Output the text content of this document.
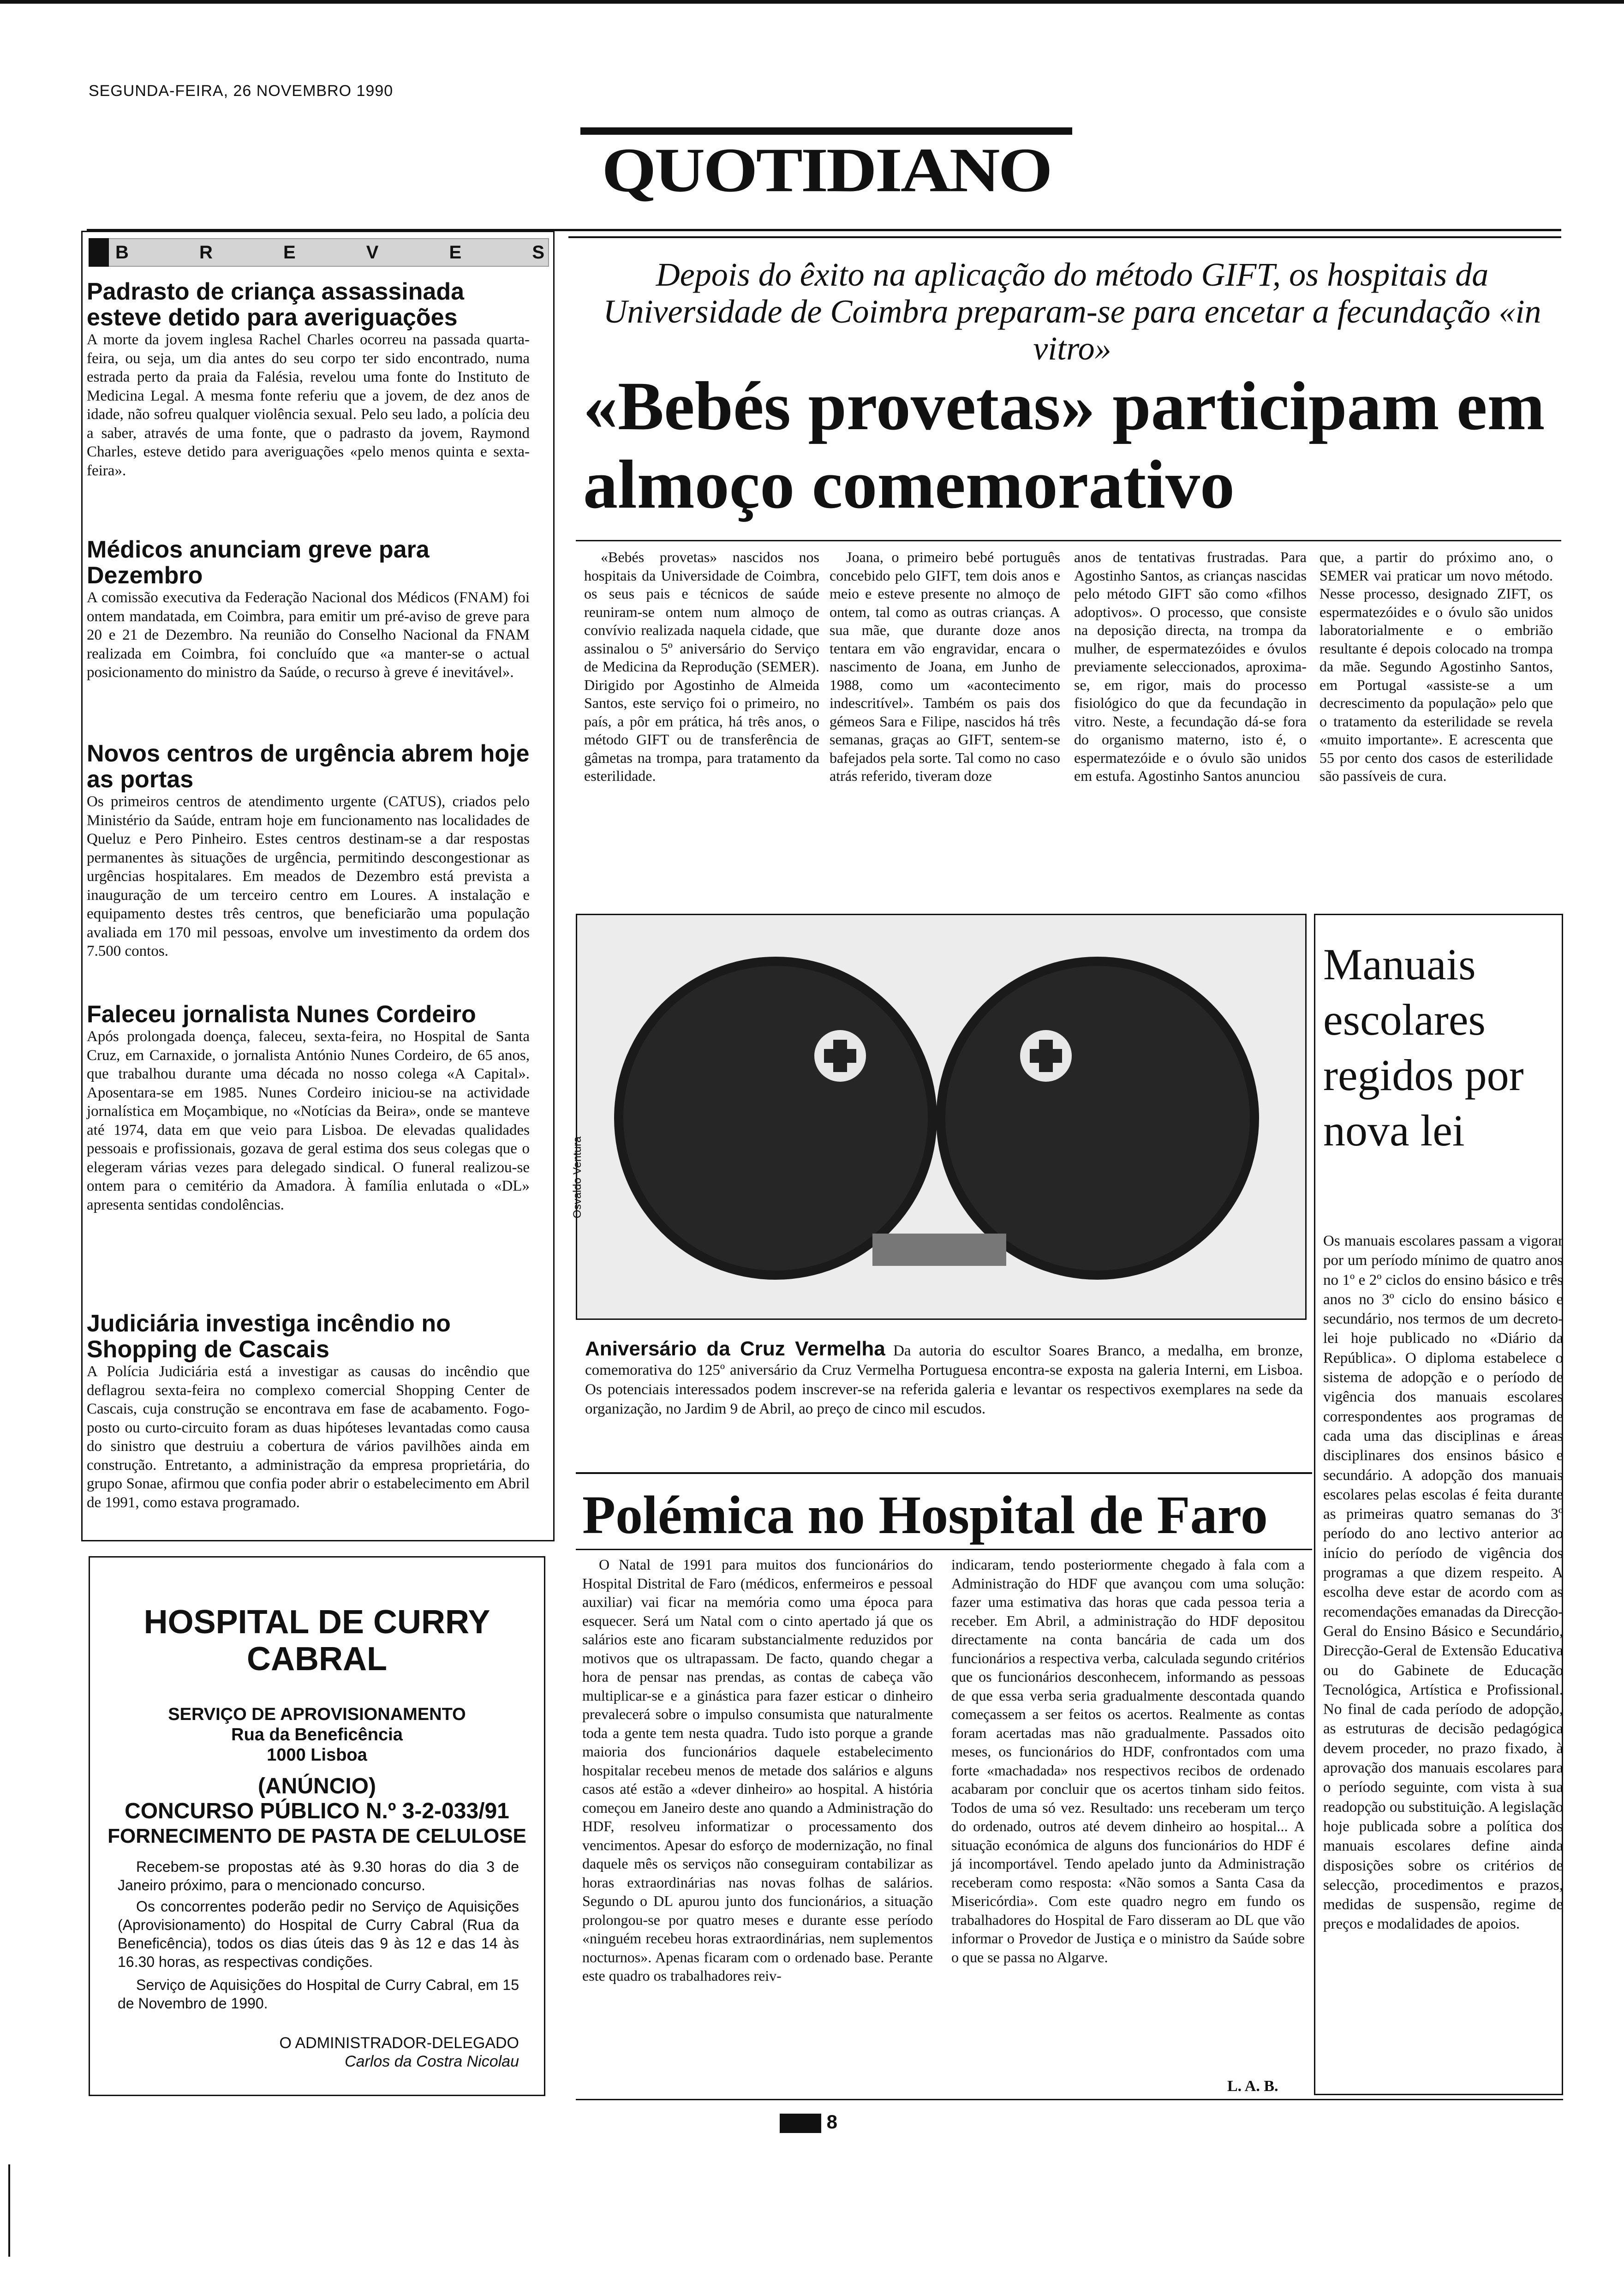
SEGUNDA-FEIRA, 26 NOVEMBRO 1990
QUOTIDIANO
B	R	E	V	E	S
Padrasto de criança assassinada esteve detido para averiguações
A morte da jovem inglesa Rachel Charles ocorreu na passada quarta-feira, ou seja, um dia antes do seu corpo ter sido encontrado, numa estrada perto da praia da Falésia, revelou uma fonte do Instituto de Medicina Legal. A mesma fonte referiu que a jovem, de dez anos de idade, não sofreu qualquer violência sexual. Pelo seu lado, a polícia deu a saber, através de uma fonte, que o padrasto da jovem, Raymond Charles, esteve detido para averiguações «pelo menos quinta e sexta-feira».
Médicos anunciam greve para Dezembro
A comissão executiva da Federação Nacional dos Médicos (FNAM) foi ontem mandatada, em Coimbra, para emitir um pré-aviso de greve para 20 e 21 de Dezembro. Na reunião do Conselho Nacional da FNAM realizada em Coimbra, foi concluído que «a manter-se o actual posicionamento do ministro da Saúde, o recurso à greve é inevitável».
Novos centros de urgência abrem hoje as portas
Os primeiros centros de atendimento urgente (CATUS), criados pelo Ministério da Saúde, entram hoje em funcionamento nas localidades de Queluz e Pero Pinheiro. Estes centros destinam-se a dar respostas permanentes às situações de urgência, permitindo descongestionar as urgências hospitalares. Em meados de Dezembro está prevista a inauguração de um terceiro centro em Loures. A instalação e equipamento destes três centros, que beneficiarão uma população avaliada em 170 mil pessoas, envolve um investimento da ordem dos 7.500 contos.
Faleceu jornalista Nunes Cordeiro
Após prolongada doença, faleceu, sexta-feira, no Hospital de Santa Cruz, em Carnaxide, o jornalista António Nunes Cordeiro, de 65 anos, que trabalhou durante uma década no nosso colega «A Capital». Aposentara-se em 1985. Nunes Cordeiro iniciou-se na actividade jornalística em Moçambique, no «Notícias da Beira», onde se manteve até 1974, data em que veio para Lisboa. De elevadas qualidades pessoais e profissionais, gozava de geral estima dos seus colegas que o elegeram várias vezes para delegado sindical. O funeral realizou-se ontem para o cemitério da Amadora. À família enlutada o «DL» apresenta sentidas condolências.
Judiciária investiga incêndio no Shopping de Cascais
A Polícia Judiciária está a investigar as causas do incêndio que deflagrou sexta-feira no complexo comercial Shopping Center de Cascais, cuja construção se encontrava em fase de acabamento. Fogo-posto ou curto-circuito foram as duas hipóteses levantadas como causa do sinistro que destruiu a cobertura de vários pavilhões ainda em construção. Entretanto, a administração da empresa proprietária, do grupo Sonae, afirmou que confia poder abrir o estabelecimento em Abril de 1991, como estava programado.
HOSPITAL DE CURRY
CABRAL
SERVIÇO DE APROVISIONAMENTO
Rua da Beneficência
1000 Lisboa
(ANÚNCIO)
CONCURSO PÚBLICO N.º 3-2-033/91
FORNECIMENTO DE PASTA DE CELULOSE
Recebem-se propostas até às 9.30 horas do dia 3 de Janeiro próximo, para o mencionado concurso.
Os concorrentes poderão pedir no Serviço de Aquisições (Aprovisionamento) do Hospital de Curry Cabral (Rua da Beneficência), todos os dias úteis das 9 às 12 e das 14 às 16.30 horas, as respectivas condições.
Serviço de Aquisições do Hospital de Curry Cabral, em 15 de Novembro de 1990.
O ADMINISTRADOR-DELEGADO
Carlos da Costra Nicolau
Depois do êxito na aplicação do método GIFT, os hospitais da Universidade de Coimbra preparam-se para encetar a fecundação «in vitro»
«Bebés provetas» participam em almoço comemorativo
«Bebés provetas» nascidos nos hospitais da Universidade de Coimbra, os seus pais e técnicos de saúde reuniram-se ontem num almoço de convívio realizada naquela cidade, que assinalou o 5º aniversário do Serviço de Medicina da Reprodução (SEMER). Dirigido por Agostinho de Almeida Santos, este serviço foi o primeiro, no país, a pôr em prática, há três anos, o método GIFT ou de transferência de gâmetas na trompa, para tratamento da esterilidade.
Joana, o primeiro bebé português concebido pelo GIFT, tem dois anos e meio e esteve presente no almoço de ontem, tal como as outras crianças. A sua mãe, que durante doze anos tentara em vão engravidar, encara o nascimento de Joana, em Junho de 1988, como um «acontecimento indescritível». Também os pais dos gémeos Sara e Filipe, nascidos há três semanas, graças ao GIFT, sentem-se bafejados pela sorte. Tal como no caso atrás referido, tiveram doze
anos de tentativas frustradas. Para Agostinho Santos, as crianças nascidas pelo método GIFT são como «filhos adoptivos». O processo, que consiste na deposição directa, na trompa da mulher, de espermatezóides e óvulos previamente seleccionados, aproxima-se, em rigor, mais do processo fisiológico do que da fecundação in vitro. Neste, a fecundação dá-se fora do organismo materno, isto é, o espermatezóide e o óvulo são unidos em estufa. Agostinho Santos anunciou
que, a partir do próximo ano, o SEMER vai praticar um novo método. Nesse processo, designado ZIFT, os espermatezóides e o óvulo são unidos laboratorialmente e o embrião resultante é depois colocado na trompa da mãe. Segundo Agostinho Santos, em Portugal «assiste-se a um decrescimento da população» pelo que o tratamento da esterilidade se revela «muito importante». E acrescenta que 55 por cento dos casos de esterilidade são passíveis de cura.
Osvaldo Ventura
Aniversário da Cruz Vermelha Da autoria do escultor Soares Branco, a medalha, em bronze, comemorativa do 125º aniversário da Cruz Vermelha Portuguesa encontra-se exposta na galeria Interni, em Lisboa. Os potenciais interessados podem inscrever-se na referida galeria e levantar os respectivos exemplares na sede da organização, no Jardim 9 de Abril, ao preço de cinco mil escudos.
Manuais escolares regidos por nova lei
Os manuais escolares passam a vigorar por um período mínimo de quatro anos no 1º e 2º ciclos do ensino básico e três anos no 3º ciclo do ensino básico e secundário, nos termos de um decreto-lei hoje publicado no «Diário da República». O diploma estabelece o sistema de adopção e o período de vigência dos manuais escolares correspondentes aos programas de cada uma das disciplinas e áreas disciplinares dos ensinos básico e secundário. A adopção dos manuais escolares pelas escolas é feita durante as primeiras quatro semanas do 3º período do ano lectivo anterior ao início do período de vigência dos programas a que dizem respeito. A escolha deve estar de acordo com as recomendações emanadas da Direcção-Geral do Ensino Básico e Secundário, Direcção-Geral de Extensão Educativa ou do Gabinete de Educação Tecnológica, Artística e Profissional. No final de cada período de adopção, as estruturas de decisão pedagógica devem proceder, no prazo fixado, à aprovação dos manuais escolares para o período seguinte, com vista à sua readopção ou substituição. A legislação hoje publicada sobre a política dos manuais escolares define ainda disposições sobre os critérios de selecção, procedimentos e prazos, medidas de suspensão, regime de preços e modalidades de apoios.
Polémica no Hospital de Faro
O Natal de 1991 para muitos dos funcionários do Hospital Distrital de Faro (médicos, enfermeiros e pessoal auxiliar) vai ficar na memória como uma época para esquecer. Será um Natal com o cinto apertado já que os salários este ano ficaram substancialmente reduzidos por motivos que os ultrapassam. De facto, quando chegar a hora de pensar nas prendas, as contas de cabeça vão multiplicar-se e a ginástica para fazer esticar o dinheiro prevalecerá sobre o impulso consumista que naturalmente toda a gente tem nesta quadra. Tudo isto porque a grande maioria dos funcionários daquele estabelecimento hospitalar recebeu menos de metade dos salários e alguns casos até estão a «dever dinheiro» ao hospital. A história começou em Janeiro deste ano quando a Administração do HDF, resolveu informatizar o processamento dos vencimentos. Apesar do esforço de modernização, no final daquele mês os serviços não conseguiram contabilizar as horas extraordinárias nas novas folhas de salários. Segundo o DL apurou junto dos funcionários, a situação prolongou-se por quatro meses e durante esse período «ninguém recebeu horas extraordinárias, nem suplementos nocturnos». Apenas ficaram com o ordenado base. Perante este quadro os trabalhadores reiv-
indicaram, tendo posteriormente chegado à fala com a Administração do HDF que avançou com uma solução: fazer uma estimativa das horas que cada pessoa teria a receber. Em Abril, a administração do HDF depositou directamente na conta bancária de cada um dos funcionários a respectiva verba, calculada segundo critérios que os funcionários desconhecem, informando as pessoas de que essa verba seria gradualmente descontada quando começassem a ser feitos os acertos. Realmente as contas foram acertadas mas não gradualmente. Passados oito meses, os funcionários do HDF, confrontados com uma forte «machadada» nos respectivos recibos de ordenado acabaram por concluir que os acertos tinham sido feitos. Todos de uma só vez. Resultado: uns receberam um terço do ordenado, outros até devem dinheiro ao hospital... A situação económica de alguns dos funcionários do HDF é já incomportável. Tendo apelado junto da Administração receberam como resposta: «Não somos a Santa Casa da Misericórdia». Com este quadro negro em fundo os trabalhadores do Hospital de Faro disseram ao DL que vão informar o Provedor de Justiça e o ministro da Saúde sobre o que se passa no Algarve.
L. A. B.
8
